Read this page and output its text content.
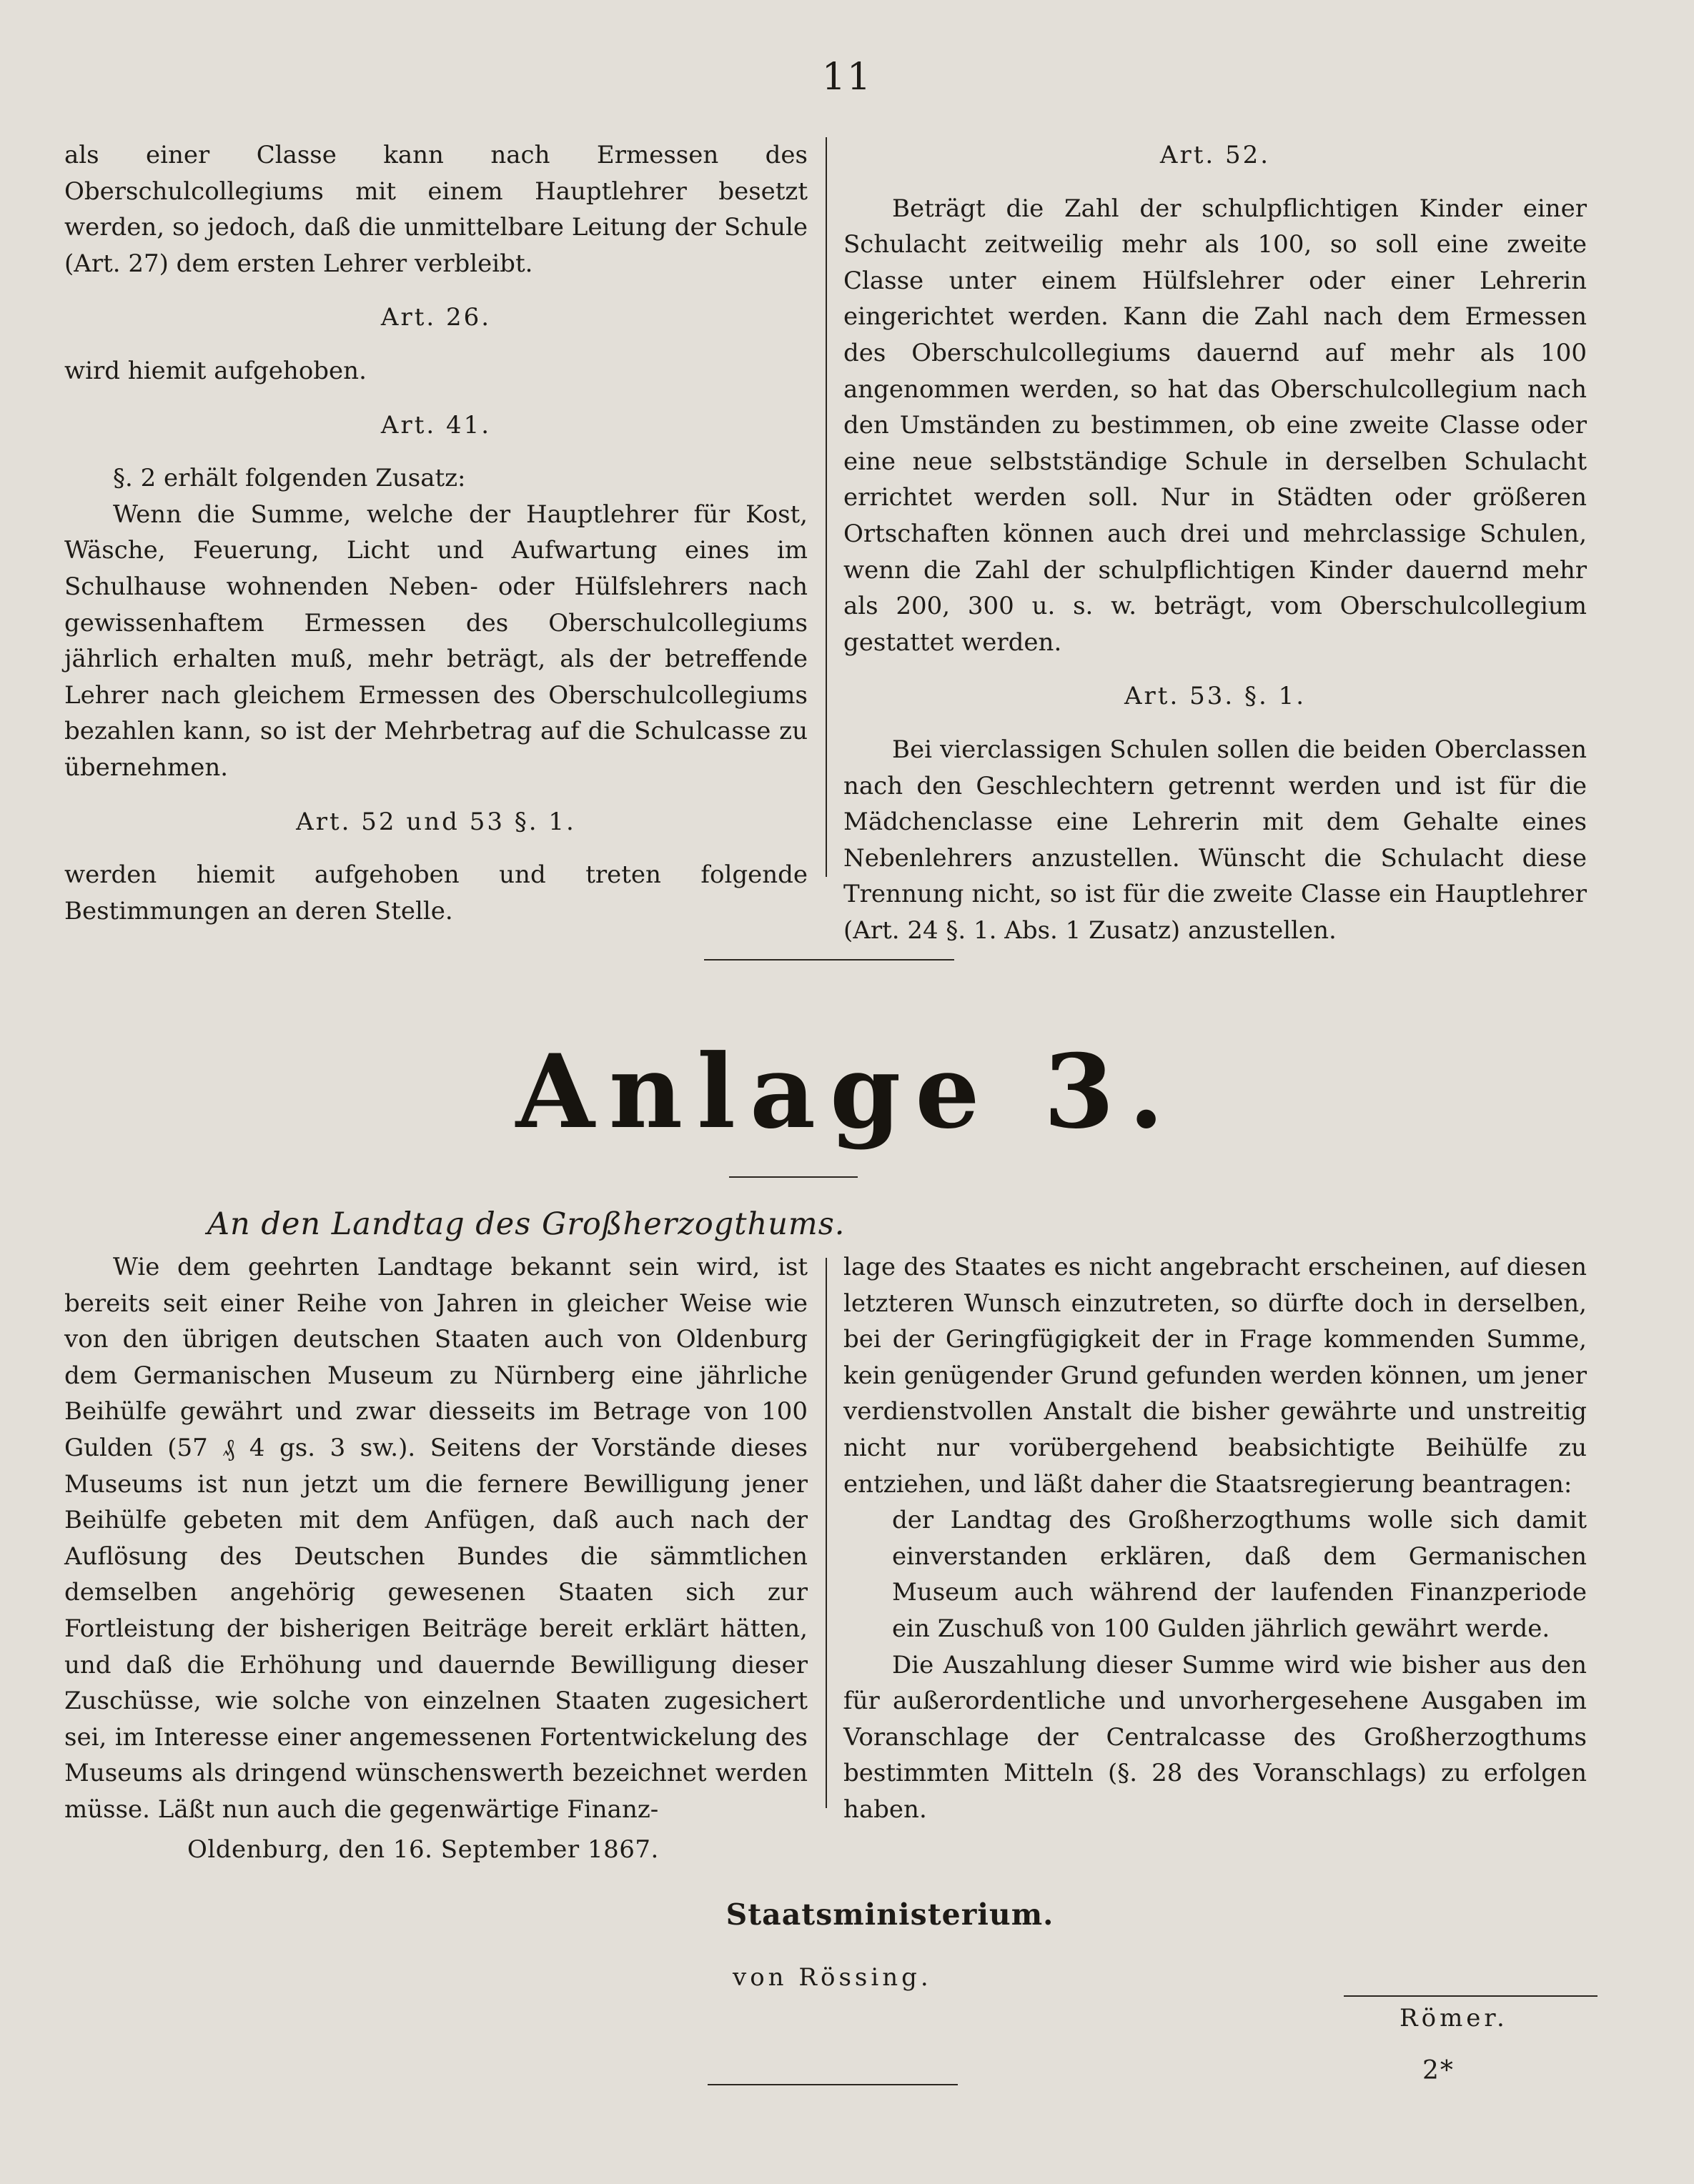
11

als einer Classe kann nach Ermessen des Oberschulcollegiums mit einem Hauptlehrer besetzt werden, so jedoch, daß die unmittelbare Leitung der Schule (Art. 27) dem ersten Lehrer verbleibt.

Art. 26.

wird hiemit aufgehoben.

Art. 41.

§. 2 erhält folgenden Zusatz:

Wenn die Summe, welche der Hauptlehrer für Kost, Wäsche, Feuerung, Licht und Aufwartung eines im Schulhause wohnenden Neben- oder Hülfslehrers nach gewissenhaftem Ermessen des Oberschulcollegiums jährlich erhalten muß, mehr beträgt, als der betreffende Lehrer nach gleichem Ermessen des Oberschulcollegiums bezahlen kann, so ist der Mehrbetrag auf die Schulcasse zu übernehmen.

Art. 52 und 53 §. 1.

werden hiemit aufgehoben und treten folgende Bestimmungen an deren Stelle.

Art. 52.

Beträgt die Zahl der schulpflichtigen Kinder einer Schulacht zeitweilig mehr als 100, so soll eine zweite Classe unter einem Hülfslehrer oder einer Lehrerin eingerichtet werden. Kann die Zahl nach dem Ermessen des Oberschulcollegiums dauernd auf mehr als 100 angenommen werden, so hat das Oberschulcollegium nach den Umständen zu bestimmen, ob eine zweite Classe oder eine neue selbstständige Schule in derselben Schulacht errichtet werden soll. Nur in Städten oder größeren Ortschaften können auch drei und mehrclassige Schulen, wenn die Zahl der schulpflichtigen Kinder dauernd mehr als 200, 300 u. s. w. beträgt, vom Oberschulcollegium gestattet werden.

Art. 53. §. 1.

Bei vierclassigen Schulen sollen die beiden Oberclassen nach den Geschlechtern getrennt werden und ist für die Mädchenclasse eine Lehrerin mit dem Gehalte eines Nebenlehrers anzustellen. Wünscht die Schulacht diese Trennung nicht, so ist für die zweite Classe ein Hauptlehrer (Art. 24 §. 1. Abs. 1 Zusatz) anzustellen.

Anlage 3.
An den Landtag des Großherzogthums.

Wie dem geehrten Landtage bekannt sein wird, ist bereits seit einer Reihe von Jahren in gleicher Weise wie von den übrigen deutschen Staaten auch von Oldenburg dem Germanischen Museum zu Nürnberg eine jährliche Beihülfe gewährt und zwar diesseits im Betrage von 100 Gulden (57 ₰ 4 gs. 3 sw.). Seitens der Vorstände dieses Museums ist nun jetzt um die fernere Bewilligung jener Beihülfe gebeten mit dem Anfügen, daß auch nach der Auflösung des Deutschen Bundes die sämmtlichen demselben angehörig gewesenen Staaten sich zur Fortleistung der bisherigen Beiträge bereit erklärt hätten, und daß die Erhöhung und dauernde Bewilligung dieser Zuschüsse, wie solche von einzelnen Staaten zugesichert sei, im Interesse einer angemessenen Fortentwickelung des Museums als dringend wünschenswerth bezeichnet werden müsse. Läßt nun auch die gegenwärtige Finanz-

lage des Staates es nicht angebracht erscheinen, auf diesen letzteren Wunsch einzutreten, so dürfte doch in derselben, bei der Geringfügigkeit der in Frage kommenden Summe, kein genügender Grund gefunden werden können, um jener verdienstvollen Anstalt die bisher gewährte und unstreitig nicht nur vorübergehend beabsichtigte Beihülfe zu entziehen, und läßt daher die Staatsregierung beantragen:

der Landtag des Großherzogthums wolle sich damit einverstanden erklären, daß dem Germanischen Museum auch während der laufenden Finanzperiode ein Zuschuß von 100 Gulden jährlich gewährt werde.

Die Auszahlung dieser Summe wird wie bisher aus den für außerordentliche und unvorhergesehene Ausgaben im Voranschlage der Centralcasse des Großherzogthums bestimmten Mitteln (§. 28 des Voranschlags) zu erfolgen haben.

Oldenburg, den 16. September 1867.
Staatsministerium.
von Rössing.
Römer.
2*
